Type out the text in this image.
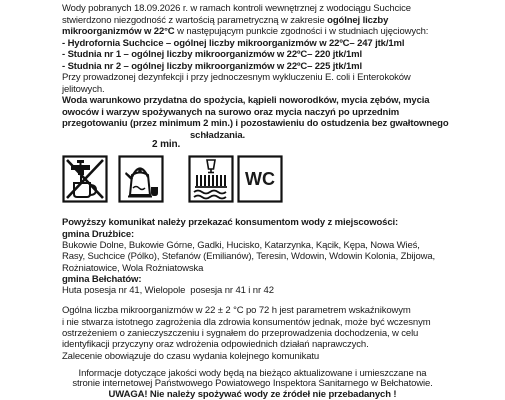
Wody pobranych 18.09.2026 r. w ramach kontroli wewnętrznej z wodociągu Suchcice
stwierdzono niezgodność z wartością parametryczną w zakresie ogólnej liczby
mikroorganizmów w 22°C w następującym punkcie zgodności i w studniach ujęciowych:
- Hydrofornia Suchcice – ogólnej liczby mikroorganizmów w 22ºC– 247 jtk/1ml
- Studnia nr 1 – ogólnej liczby mikroorganizmów w 22ºC– 220 jtk/1ml
- Studnia nr 2 – ogólnej liczby mikroorganizmów w 22ºC– 225 jtk/1ml
Przy prowadzonej dezynfekcji i przy jednoczesnym wykluczeniu E. coli i Enterokoków
jelitowych.
Woda warunkowo przydatna do spożycia, kąpieli noworodków, mycia zębów, mycia
owoców i warzyw spożywanych na surowo oraz mycia naczyń po uprzednim
przegotowaniu (przez minimum 2 min.) i pozostawieniu do ostudzenia bez gwałtownego
schładzania.
2 min.
WC
Powyższy komunikat należy przekazać konsumentom wody z miejscowości:
gmina Drużbice:
Bukowie Dolne, Bukowie Górne, Gadki, Hucisko, Katarzynka, Kącik, Kępa, Nowa Wieś,
Rasy, Suchcice (Pólko), Stefanów (Emilianów), Teresin, Wdowin, Wdowin Kolonia, Zbijowa,
Rożniatowice, Wola Rożniatowska
gmina Bełchatów:
Huta posesja nr 41, Wielopole  posesja nr 41 i nr 42
Ogólna liczba mikroorganizmów w 22 ± 2 °C po 72 h jest parametrem wskaźnikowym
i nie stwarza istotnego zagrożenia dla zdrowia konsumentów jednak, może być wczesnym
ostrzeżeniem o zanieczyszczeniu i sygnałem do przeprowadzenia dochodzenia, w celu
identyfikacji przyczyny oraz wdrożenia odpowiednich działań naprawczych.
Zalecenie obowiązuje do czasu wydania kolejnego komunikatu
Informacje dotyczące jakości wody będą na bieżąco aktualizowane i umieszczane na
stronie internetowej Państwowego Powiatowego Inspektora Sanitarnego w Bełchatowie.
UWAGA! Nie należy spożywać wody ze źródeł nie przebadanych !
